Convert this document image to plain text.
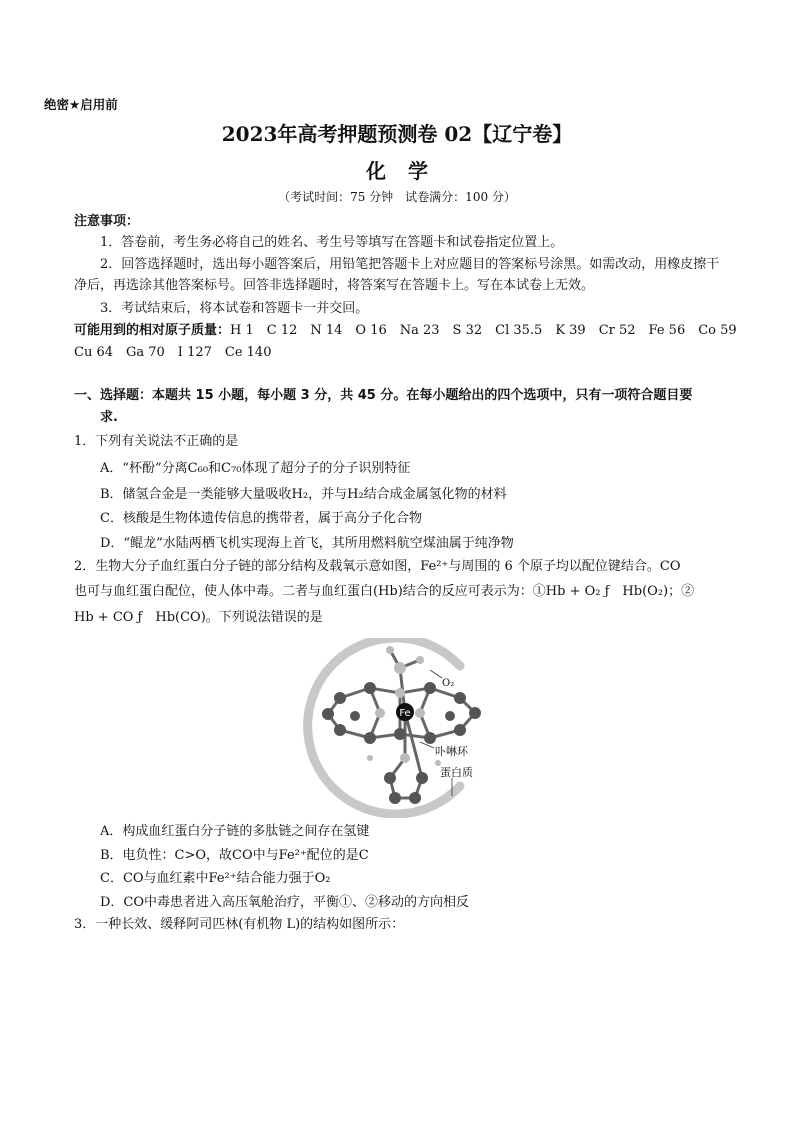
绝密★启用前
2023年高考押题预测卷 02【辽宁卷】
化学
（考试时间：75 分钟　试卷满分：100 分）
注意事项：
1．答卷前，考生务必将自己的姓名、考生号等填写在答题卡和试卷指定位置上。
2．回答选择题时，选出每小题答案后，用铅笔把答题卡上对应题目的答案标号涂黑。如需改动，用橡皮擦干净后，再选涂其他答案标号。回答非选择题时，将答案写在答题卡上。写在本试卷上无效。
3．考试结束后，将本试卷和答题卡一并交回。
可能用到的相对原子质量：H 1　C 12　N 14　O 16　Na 23　S 32　Cl 35.5　K 39　Cr 52　Fe 56　Co 59
Cu 64　Ga 70　I 127　Ce 140
一、选择题：本题共 15 小题，每小题 3 分，共 45 分。在每小题给出的四个选项中，只有一项符合题目要
求.
1．下列有关说法不正确的是
A．“杯酚”分离C₆₀和C₇₀体现了超分子的分子识别特征
B．储氢合金是一类能够大量吸收H₂，并与H₂结合成金属氢化物的材料
C．核酸是生物体遗传信息的携带者，属于高分子化合物
D．“鲲龙”水陆两栖飞机实现海上首飞，其所用燃料航空煤油属于纯净物
2．生物大分子血红蛋白分子链的部分结构及载氧示意如图，Fe²⁺与周围的 6 个原子均以配位键结合。CO
也可与血红蛋白配位，使人体中毒。二者与血红蛋白(Hb)结合的反应可表示为：①Hb + O₂ ƒ　Hb(O₂)；②
Hb + CO ƒ　Hb(CO)。下列说法错误的是
Fe
O₂
卟啉环
蛋白质
A．构成血红蛋白分子链的多肽链之间存在氢键
B．电负性：C>O，故CO中与Fe²⁺配位的是C
C．CO与血红素中Fe²⁺结合能力强于O₂
D．CO中毒患者进入高压氧舱治疗，平衡①、②移动的方向相反
3．一种长效、缓释阿司匹林(有机物 L)的结构如图所示：
